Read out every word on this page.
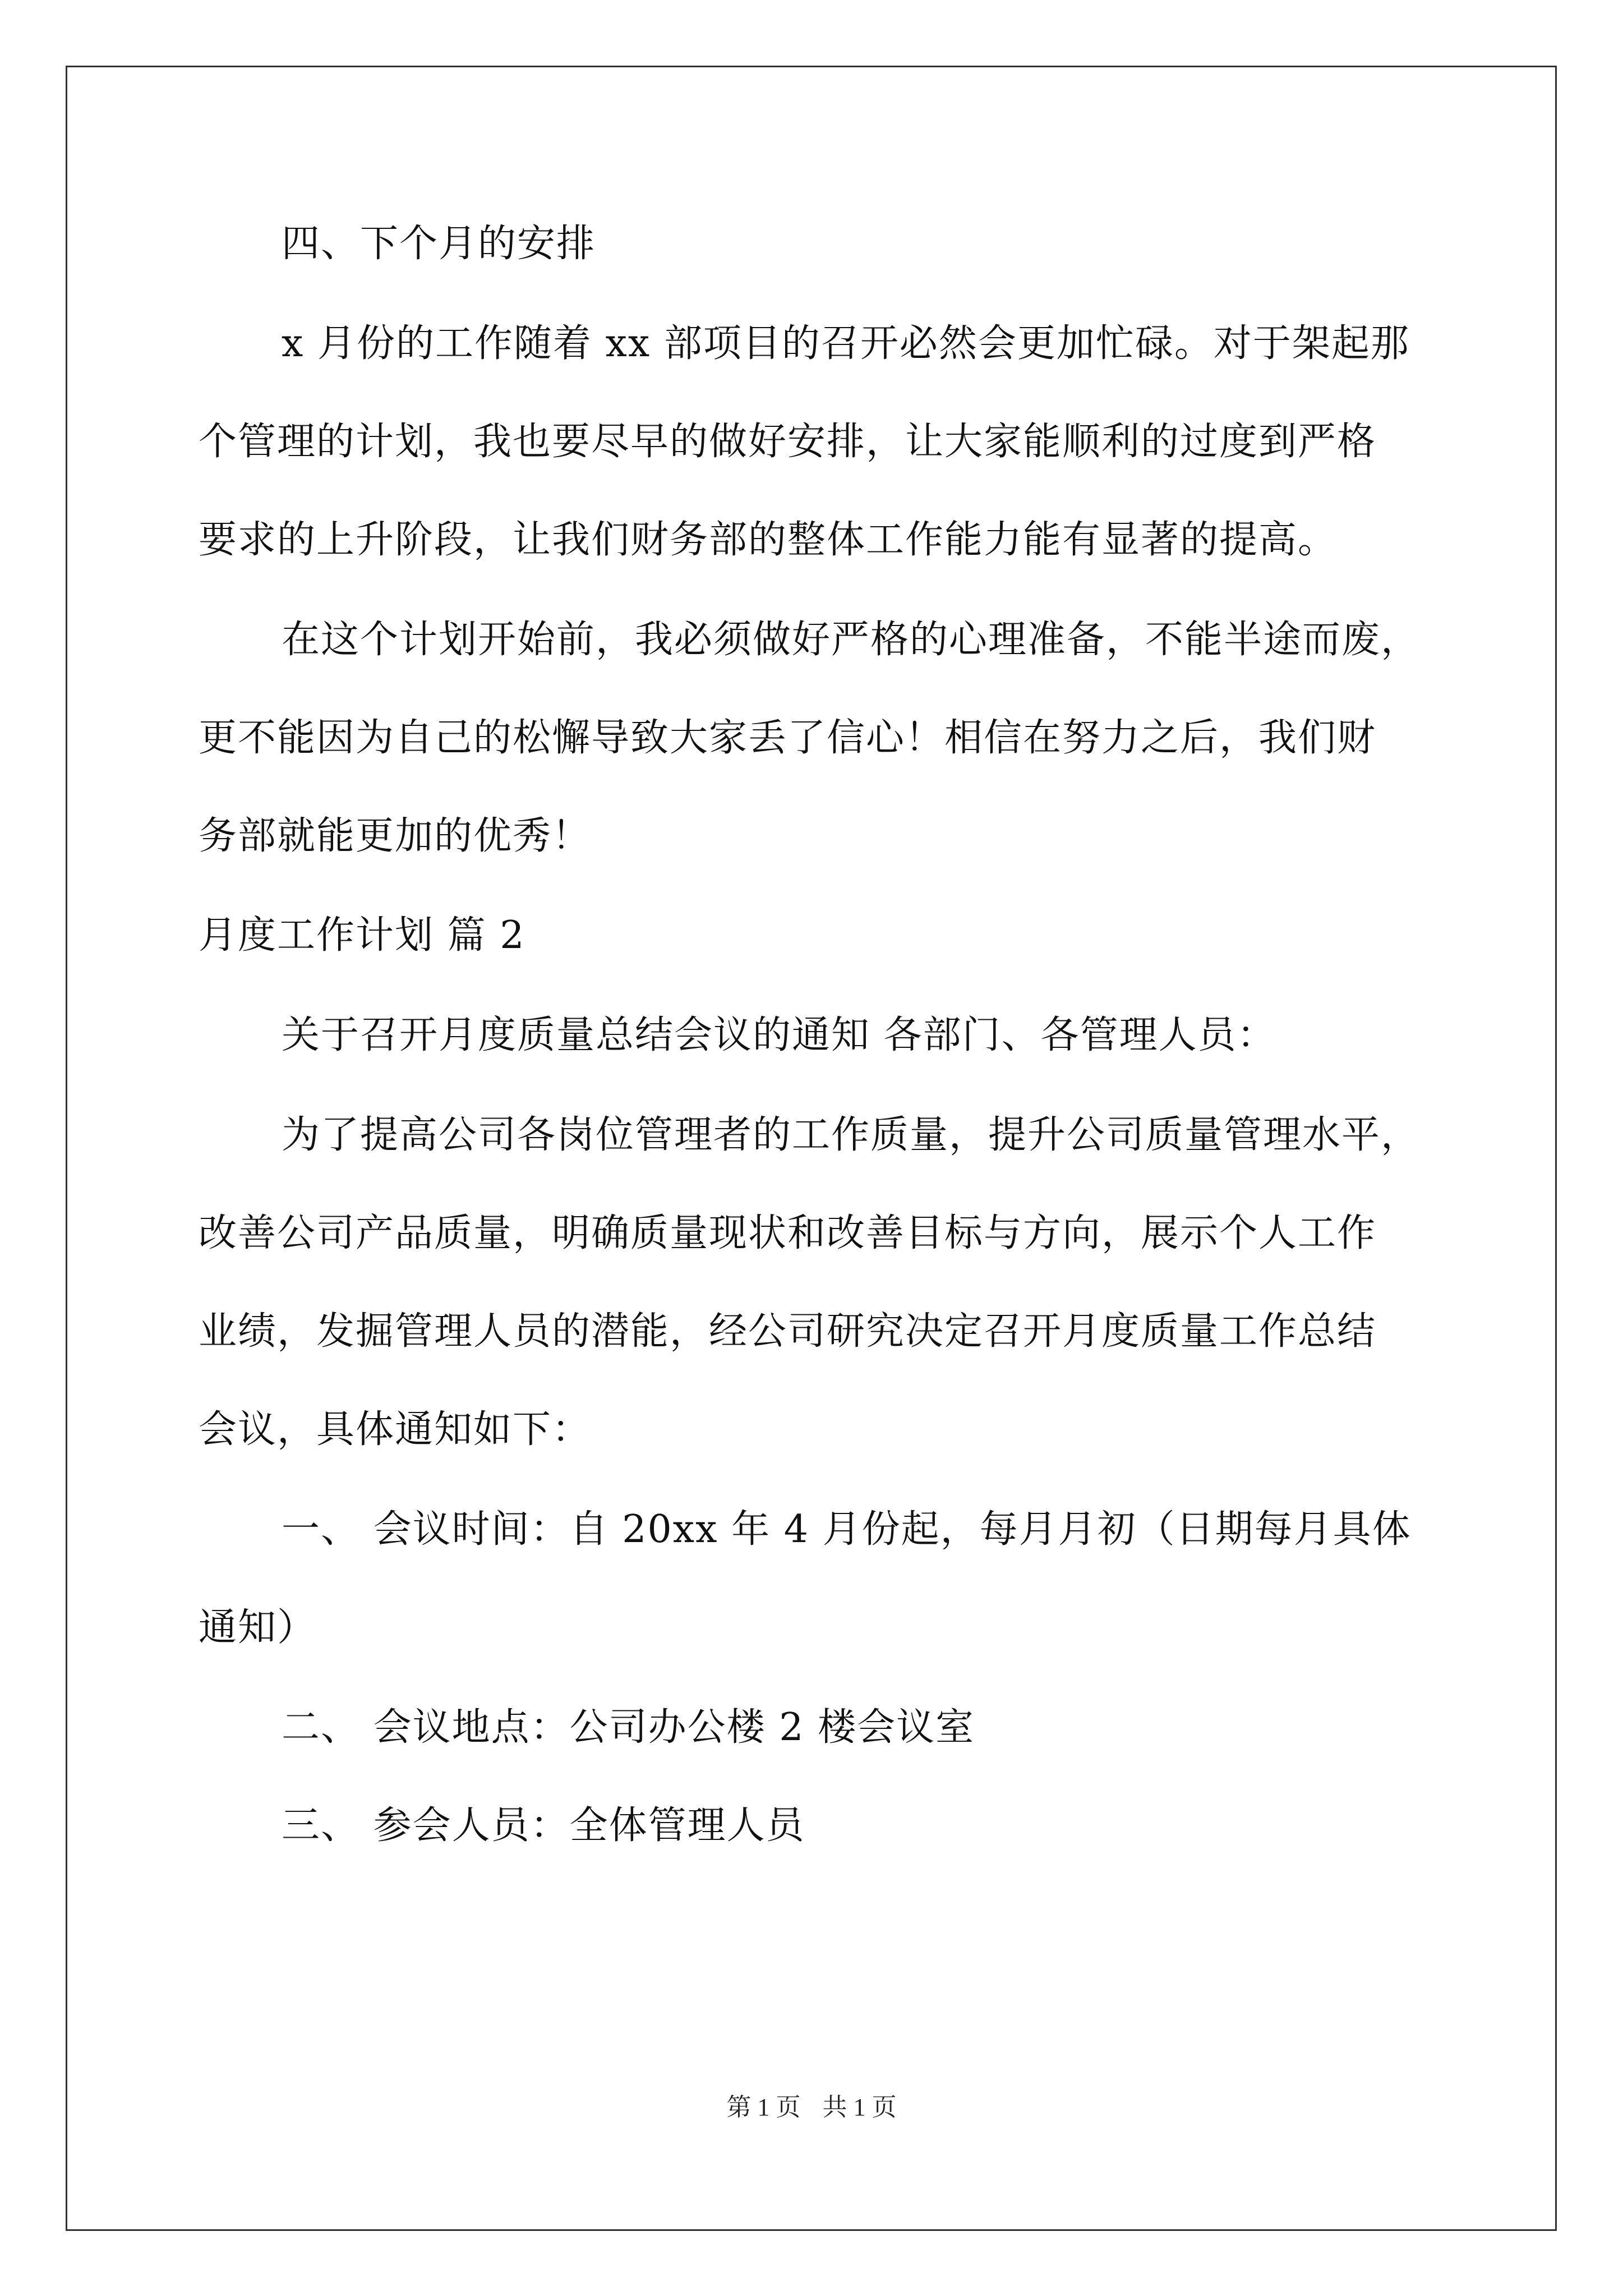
四、下个月的安排
x 月份的工作随着 xx 部项目的召开必然会更加忙碌。对于架起那
个管理的计划，我也要尽早的做好安排，让大家能顺利的过度到严格
要求的上升阶段，让我们财务部的整体工作能力能有显著的提高。
在这个计划开始前，我必须做好严格的心理准备，不能半途而废，
更不能因为自己的松懈导致大家丢了信心！相信在努力之后，我们财
务部就能更加的优秀！
月度工作计划 篇 2
关于召开月度质量总结会议的通知 各部门、各管理人员：
为了提高公司各岗位管理者的工作质量，提升公司质量管理水平，
改善公司产品质量，明确质量现状和改善目标与方向，展示个人工作
业绩，发掘管理人员的潜能，经公司研究决定召开月度质量工作总结
会议，具体通知如下：
一、 会议时间：自 20xx 年 4 月份起，每月月初（日期每月具体
通知）
二、 会议地点：公司办公楼 2 楼会议室
三、 参会人员：全体管理人员
第 1 页 共 1 页
